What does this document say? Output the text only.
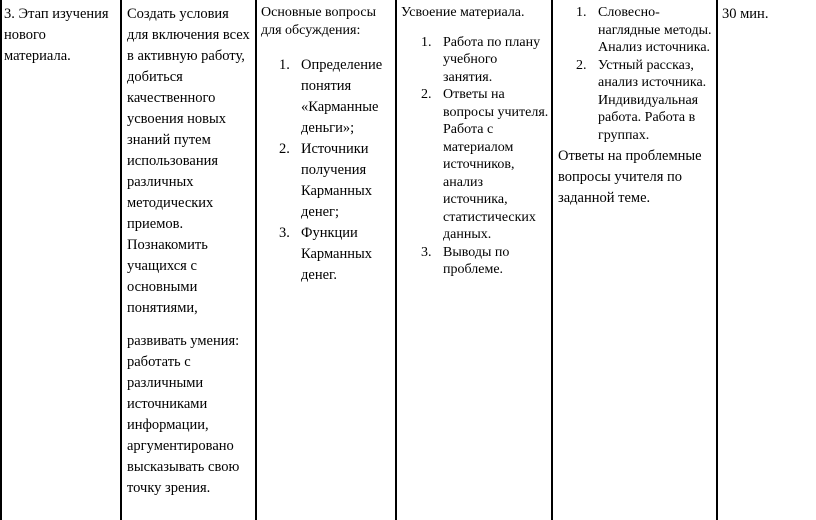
3. Этап изучения нового материала.

Создать условия для включения всех в активную работу, добиться качественного усвоения новых знаний путем использования различных методических приемов. Познакомить учащихся с основными понятиями,

развивать умения: работать с различными источниками информации, аргументировано высказывать свою точку зрения.

Основные вопросы для обсуждения:

1. Определение понятия «Карманные деньги»;
2. Источники получения Карманных денег;
3. Функции Карманных денег.

Усвоение материала.

1. Работа по плану учебного занятия.
2. Ответы на вопросы учителя. Работа с материалом источников, анализ источника, статистических данных.
3. Выводы по проблеме.
1. Словесно-наглядные методы. Анализ источника.
2. Устный рассказ, анализ источника. Индивидуальная работа. Работа в группах.

Ответы на проблемные вопросы учителя по заданной теме.

30 мин.
